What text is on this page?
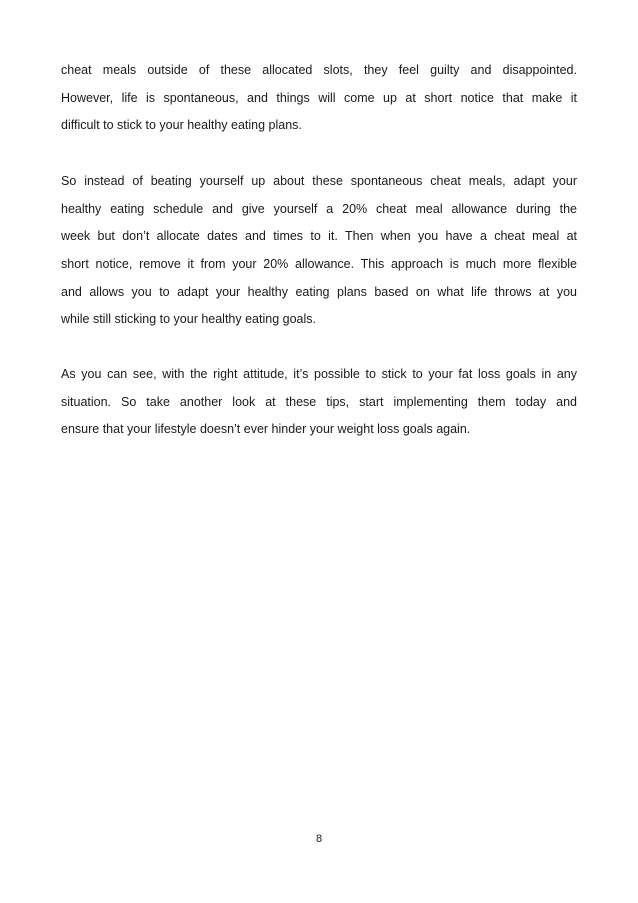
cheat meals outside of these allocated slots, they feel guilty and disappointed.
However, life is spontaneous, and things will come up at short notice that make it
difficult to stick to your healthy eating plans.
So instead of beating yourself up about these spontaneous cheat meals, adapt your
healthy eating schedule and give yourself a 20% cheat meal allowance during the
week but don’t allocate dates and times to it. Then when you have a cheat meal at
short notice, remove it from your 20% allowance. This approach is much more flexible
and allows you to adapt your healthy eating plans based on what life throws at you
while still sticking to your healthy eating goals.
As you can see, with the right attitude, it’s possible to stick to your fat loss goals in any
situation. So take another look at these tips, start implementing them today and
ensure that your lifestyle doesn’t ever hinder your weight loss goals again.
8
